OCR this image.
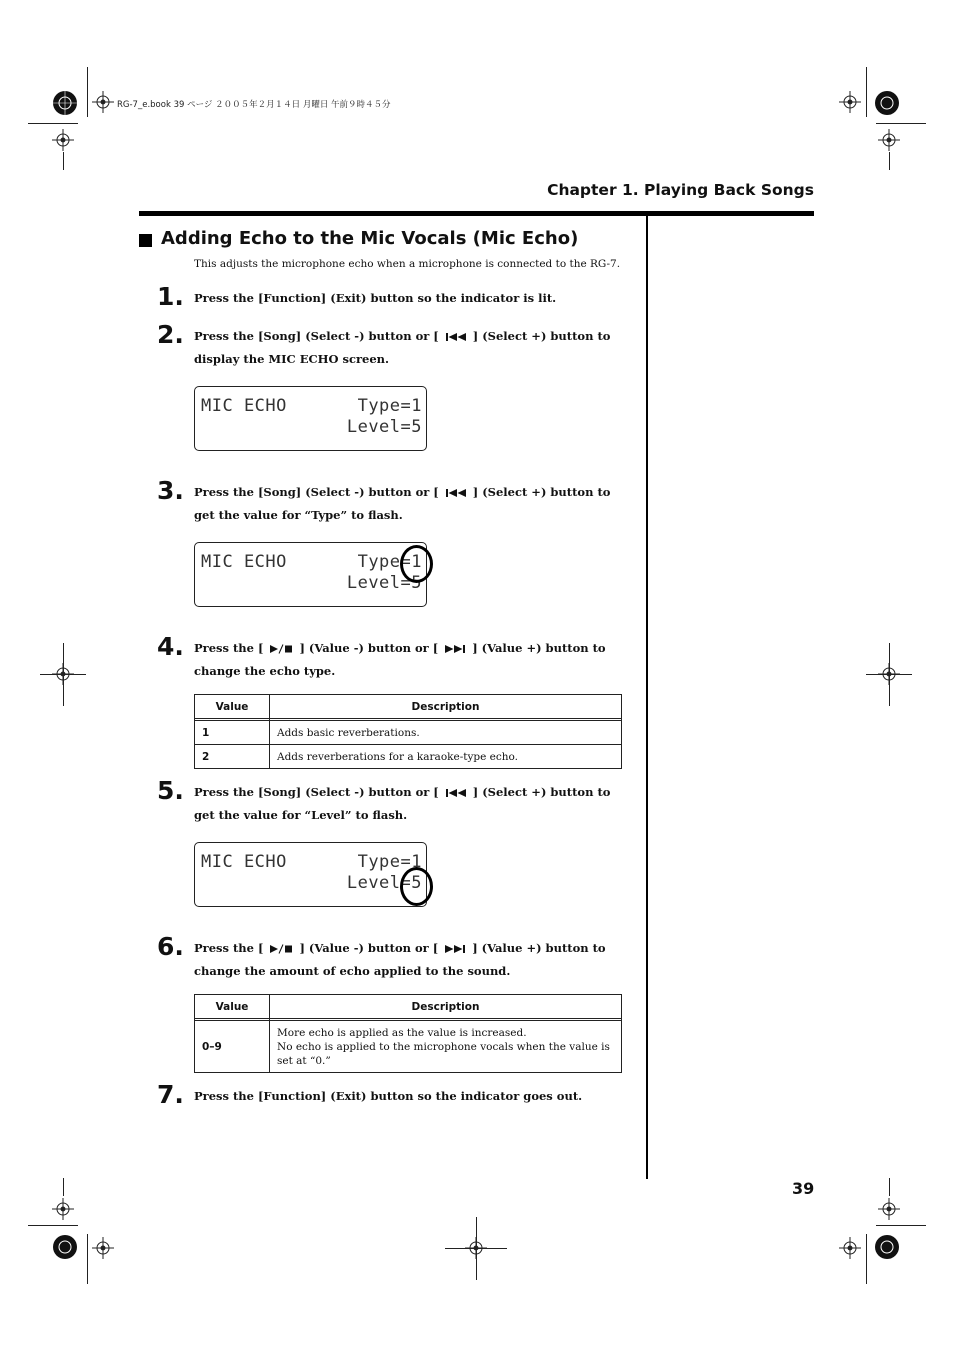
RG-7_e.book 39 ページ ２００５年２月１４日 月曜日 午前９時４５分
Chapter 1. Playing Back Songs
Adding Echo to the Mic Vocals (Mic Echo)
This adjusts the microphone echo when a microphone is connected to the RG-7.
1. Press the [Function] (Exit) button so the indicator is lit.
2. Press the [Song] (Select -) button or [	] (Select +) button to display the MIC ECHO screen.
MIC ECHO	Type=1
Level=5
3. Press the [Song] (Select -) button or [	] (Select +) button to get the value for “Type” to flash.
MIC ECHO	Type=1
Level=5
4. Press the [	] (Value -) button or [	] (Value +) button to change the echo type.
Value	Description

1	Adds basic reverberations.
2	Adds reverberations for a karaoke-type echo.
5. Press the [Song] (Select -) button or [	] (Select +) button to get the value for “Level” to flash.
MIC ECHO	Type=1
Level=5
6. Press the [	] (Value -) button or [	] (Value +) button to change the amount of echo applied to the sound.
Value	Description

0–9	More echo is applied as the value is increased.
No echo is applied to the microphone vocals when the value is set at “0.”
7. Press the [Function] (Exit) button so the indicator goes out.
39
